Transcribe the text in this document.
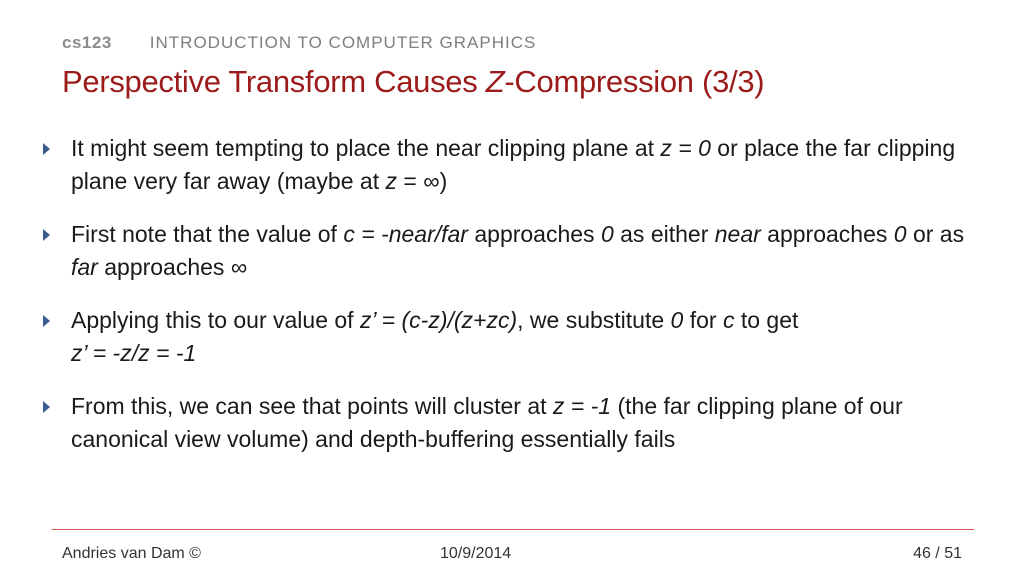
cs123 INTRODUCTION TO COMPUTER GRAPHICS
Perspective Transform Causes Z-Compression (3/3)
It might seem tempting to place the near clipping plane at z = 0 or place the far clipping plane very far away (maybe at z = ∞)
First note that the value of c = -near/far approaches 0 as either near approaches 0 or as far approaches ∞
Applying this to our value of z’ = (c-z)/(z+zc), we substitute 0 for c to get
z’ = -z/z = -1
From this, we can see that points will cluster at z = -1 (the far clipping plane of our canonical view volume) and depth-buffering essentially fails
Andries van Dam ©	10/9/2014	46 / 51
